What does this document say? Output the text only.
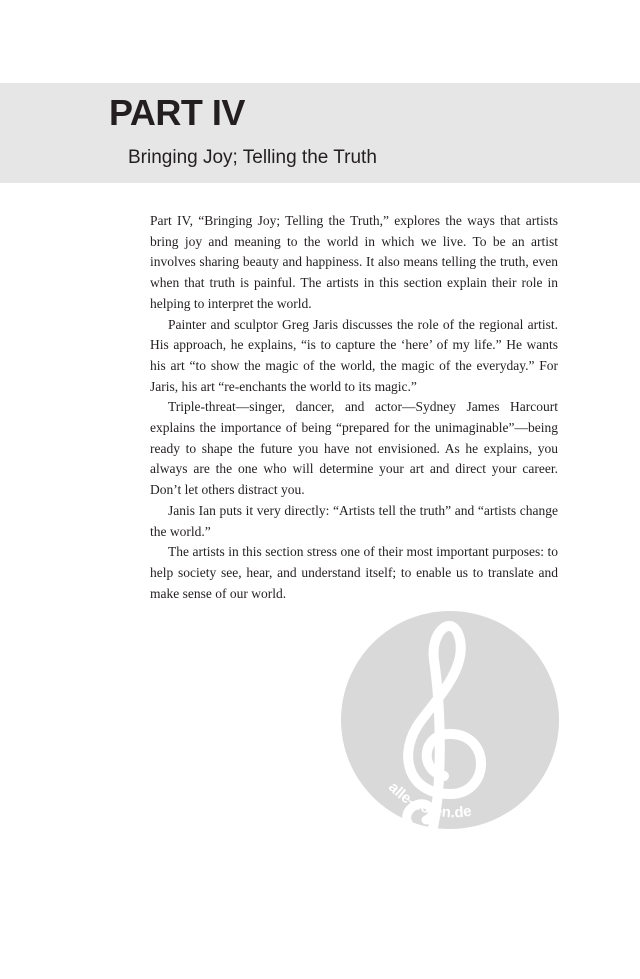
PART IV
Bringing Joy; Telling the Truth

Part IV, “Bringing Joy; Telling the Truth,” explores the ways that artists bring joy and meaning to the world in which we live. To be an artist involves sharing beauty and happiness. It also means telling the truth, even when that truth is painful. The artists in this section explain their role in helping to interpret the world.

Painter and sculptor Greg Jaris discusses the role of the regional artist. His approach, he explains, “is to capture the ‘here’ of my life.” He wants his art “to show the magic of the world, the magic of the everyday.” For Jaris, his art “re-enchants the world to its magic.”

Triple-threat—singer, dancer, and actor—Sydney James Harcourt explains the importance of being “prepared for the unimaginable”—being ready to shape the future you have not envisioned. As he explains, you always are the one who will determine your art and direct your career. Don’t let others distract you.

Janis Ian puts it very directly: “Artists tell the truth” and “artists change the world.”

The artists in this section stress one of their most important purposes: to help society see, hear, and understand itself; to enable us to translate and make sense of our world.

alle-noten.de
